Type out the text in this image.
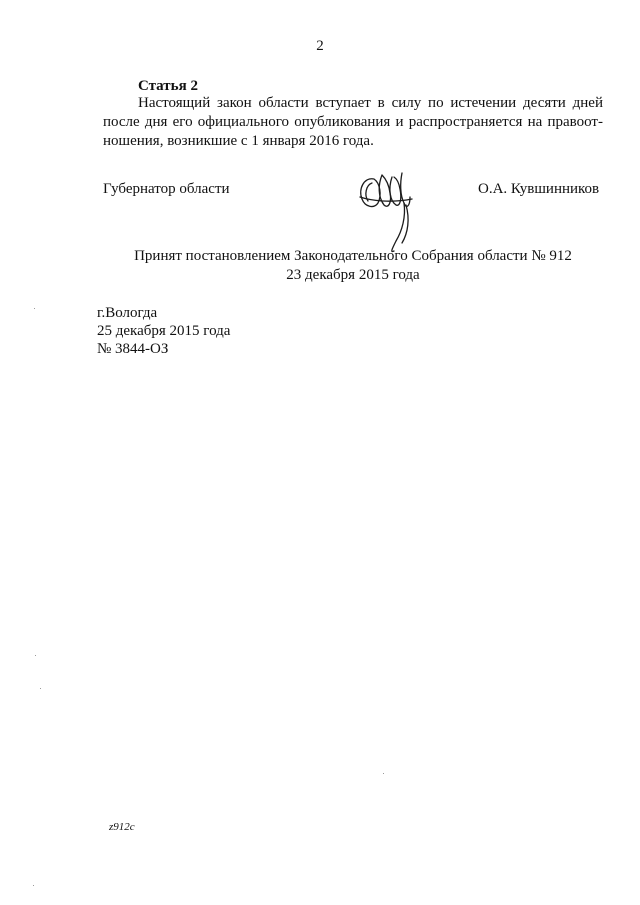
2
Статья 2
Настоящий закон области вступает в силу по истечении десяти дней
после дня его официального опубликования и распространяется на правоот-
ношения, возникшие с 1 января 2016 года.
Губернатор области	О.А. Кувшинников
Принят постановлением Законодательного Собрания области № 912
23 декабря 2015 года
г.Вологда
25 декабря 2015 года
№ 3844-ОЗ
z912c
